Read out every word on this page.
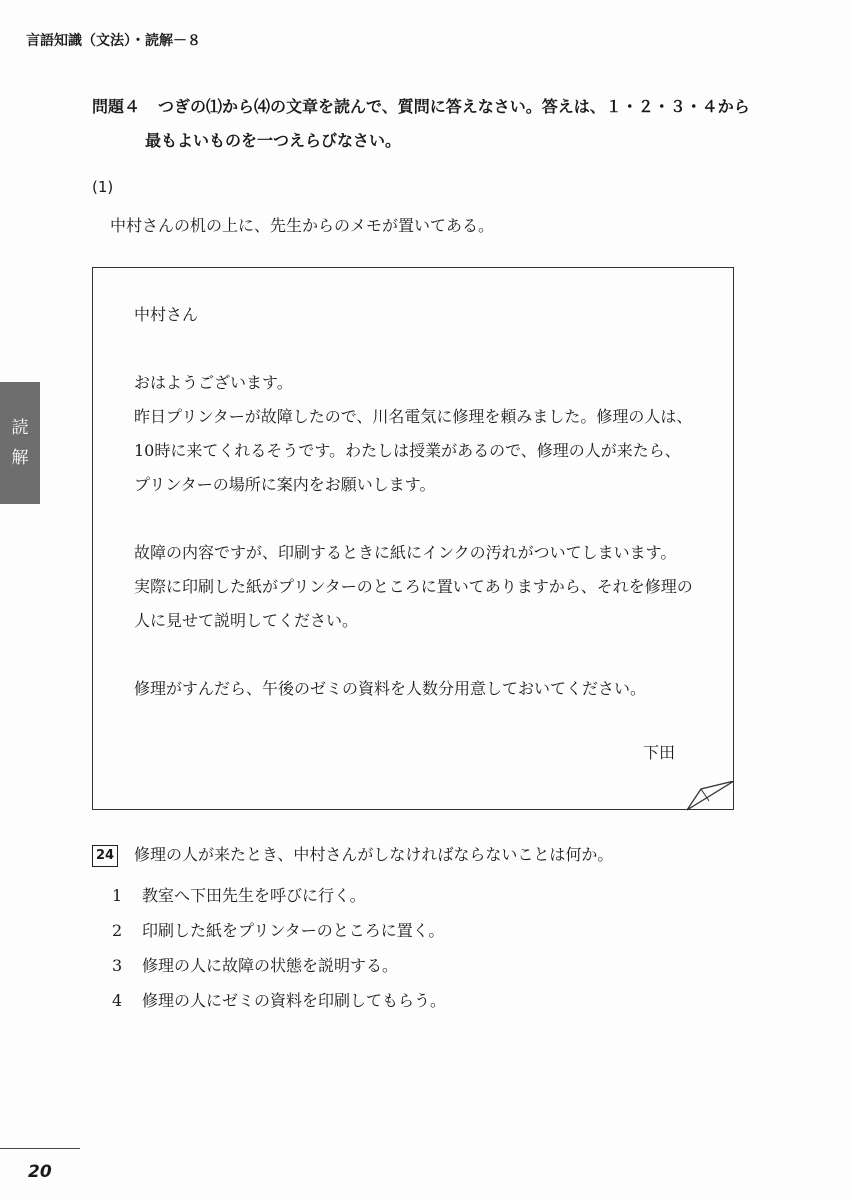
言語知識（文法）・読解－８
読
解
問題４ つぎの⑴から⑷の文章を読んで、質問に答えなさい。答えは、１・２・３・４から
最もよいものを一つえらびなさい。
(1)
中村さんの机の上に、先生からのメモが置いてある。

中村さん

おはようございます。

昨日プリンターが故障したので、川名電気に修理を頼みました。修理の人は、

10時に来てくれるそうです。わたしは授業があるので、修理の人が来たら、

プリンターの場所に案内をお願いします。

故障の内容ですが、印刷するときに紙にインクの汚れがついてしまいます。

実際に印刷した紙がプリンターのところに置いてありますから、それを修理の

人に見せて説明してください。

修理がすんだら、午後のゼミの資料を人数分用意しておいてください。

下田
24 修理の人が来たとき、中村さんがしなければならないことは何か。
1 教室へ下田先生を呼びに行く。
2 印刷した紙をプリンターのところに置く。
3 修理の人に故障の状態を説明する。
4 修理の人にゼミの資料を印刷してもらう。
20
